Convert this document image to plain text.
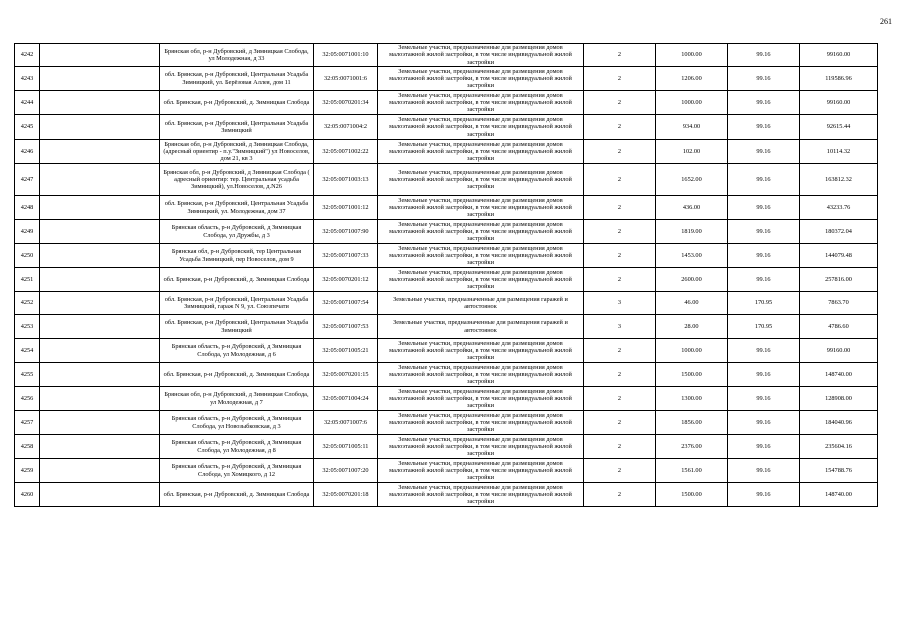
261
4242		Брянская обл, р-н Дубровский, д Зимницкая Слобода, ул Молодежная, д 33	32:05:0071001:10	Земельные участки, предназначенные для размещения домов малоэтажной жилой застройки, в том числе индивидуальной жилой застройки	2	1000.00	99.16	99160.00
4243		обл. Брянская, р-н Дубровский, Центральная Усадьба Зимницкий, ул. Берёзовая Аллея, дом 11	32:05:0071001:6	Земельные участки, предназначенные для размещения домов малоэтажной жилой застройки, в том числе индивидуальной жилой застройки	2	1206.00	99.16	119586.96
4244		обл. Брянская, р-н Дубровский, д. Зимницкая Слобода	32:05:0070201:34	Земельные участки, предназначенные для размещения домов малоэтажной жилой застройки, в том числе индивидуальной жилой застройки	2	1000.00	99.16	99160.00
4245		обл. Брянская, р-н Дубровский, Центральная Усадьба Зимницкий	32:05:0071004:2	Земельные участки, предназначенные для размещения домов малоэтажной жилой застройки, в том числе индивидуальной жилой застройки	2	934.00	99.16	92615.44
4246		Брянская обл, р-н Дубровский, д Зимницкая Слобода, (адресный ориентир - п.у."Зимницкий") ул Новоселов, дом 21, кв 3	32:05:0071002:22	Земельные участки, предназначенные для размещения домов малоэтажной жилой застройки, в том числе индивидуальной жилой застройки	2	102.00	99.16	10114.32
4247		Брянская обл, р-н Дубровский, д Зимницкая Слобода ( адресный ориентир: тер. Центральная усадьба Зимницкий), ул.Новоселов, д.N26	32:05:0071003:13	Земельные участки, предназначенные для размещения домов малоэтажной жилой застройки, в том числе индивидуальной жилой застройки	2	1652.00	99.16	163812.32
4248		обл. Брянская, р-н Дубровский, Центральная Усадьба Зимницкий, ул. Молодежная, дом 37	32:05:0071001:12	Земельные участки, предназначенные для размещения домов малоэтажной жилой застройки, в том числе индивидуальной жилой застройки	2	436.00	99.16	43233.76
4249		Брянская область, р-н Дубровский, д Зимницкая Слобода, ул Дружбы, д 3	32:05:0071007:90	Земельные участки, предназначенные для размещения домов малоэтажной жилой застройки, в том числе индивидуальной жилой застройки	2	1819.00	99.16	180372.04
4250		Брянская обл, р-н Дубровский, тер Центральная Усадьба Зимницкий, пер Новоселов, дом 9	32:05:0071007:33	Земельные участки, предназначенные для размещения домов малоэтажной жилой застройки, в том числе индивидуальной жилой застройки	2	1453.00	99.16	144079.48
4251		обл. Брянская, р-н Дубровский, д. Зимницкая Слобода	32:05:0070201:12	Земельные участки, предназначенные для размещения домов малоэтажной жилой застройки, в том числе индивидуальной жилой застройки	2	2600.00	99.16	257816.00
4252		обл. Брянская, р-н Дубровский, Центральная Усадьба Зимницкий, гараж N 9, ул. Союзпечати	32:05:0071007:54	Земельные участки, предназначенные для размещения гаражей и автостоянок	3	46.00	170.95	7863.70
4253		обл. Брянская, р-н Дубровский, Центральная Усадьба Зимницкий	32:05:0071007:53	Земельные участки, предназначенные для размещения гаражей и автостоянок	3	28.00	170.95	4786.60
4254		Брянская область, р-н Дубровский, д Зимницкая Слобода, ул Молодежная, д 6	32:05:0071005:21	Земельные участки, предназначенные для размещения домов малоэтажной жилой застройки, в том числе индивидуальной жилой застройки	2	1000.00	99.16	99160.00
4255		обл. Брянская, р-н Дубровский, д. Зимницкая Слобода	32:05:0070201:15	Земельные участки, предназначенные для размещения домов малоэтажной жилой застройки, в том числе индивидуальной жилой застройки	2	1500.00	99.16	148740.00
4256		Брянская обл, р-н Дубровский, д Зимницкая Слобода, ул Молодежная, д 7	32:05:0071004:24	Земельные участки, предназначенные для размещения домов малоэтажной жилой застройки, в том числе индивидуальной жилой застройки	2	1300.00	99.16	128908.00
4257		Брянская область, р-н Дубровский, д Зимницкая Слобода, ул Новозыбковская, д 3	32:05:0071007:6	Земельные участки, предназначенные для размещения домов малоэтажной жилой застройки, в том числе индивидуальной жилой застройки	2	1856.00	99.16	184040.96
4258		Брянская область, р-н Дубровский, д Зимницкая Слобода, ул Молодежная, д 8	32:05:0071005:11	Земельные участки, предназначенные для размещения домов малоэтажной жилой застройки, в том числе индивидуальной жилой застройки	2	2376.00	99.16	235604.16
4259		Брянская область, р-н Дубровский, д Зимницкая Слобода, ул Хомицкого, д 12	32:05:0071007:20	Земельные участки, предназначенные для размещения домов малоэтажной жилой застройки, в том числе индивидуальной жилой застройки	2	1561.00	99.16	154788.76
4260		обл. Брянская, р-н Дубровский, д. Зимницкая Слобода	32:05:0070201:18	Земельные участки, предназначенные для размещения домов малоэтажной жилой застройки, в том числе индивидуальной жилой застройки	2	1500.00	99.16	148740.00
